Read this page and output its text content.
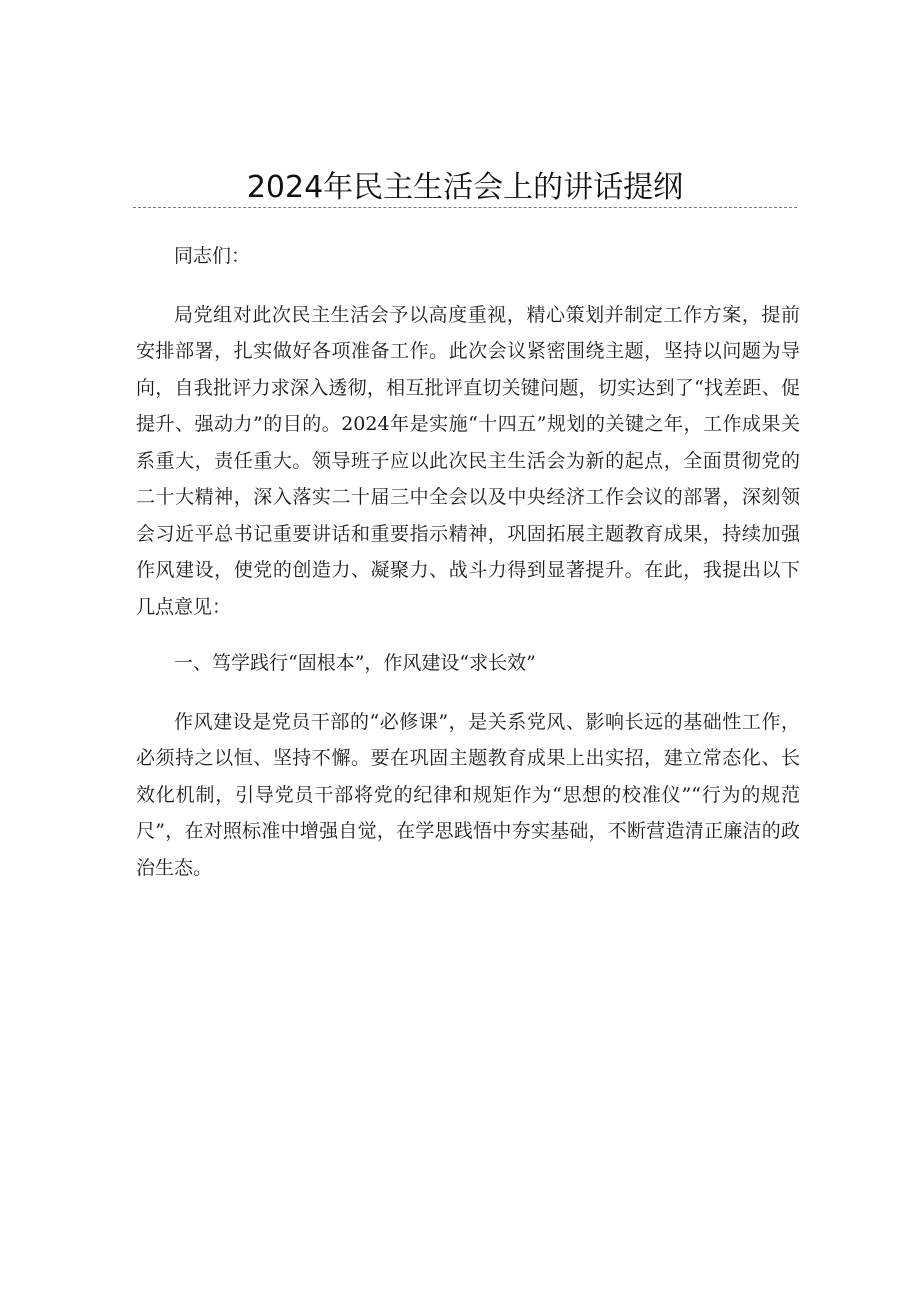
2024年民主生活会上的讲话提纲

同志们：

局党组对此次民主生活会予以高度重视，精心策划并制定工作方案，提前安排部署，扎实做好各项准备工作。此次会议紧密围绕主题，坚持以问题为导向，自我批评力求深入透彻，相互批评直切关键问题，切实达到了“找差距、促提升、强动力”的目的。2024年是实施“十四五”规划的关键之年，工作成果关系重大，责任重大。领导班子应以此次民主生活会为新的起点，全面贯彻党的二十大精神，深入落实二十届三中全会以及中央经济工作会议的部署，深刻领会习近平总书记重要讲话和重要指示精神，巩固拓展主题教育成果，持续加强作风建设，使党的创造力、凝聚力、战斗力得到显著提升。在此，我提出以下几点意见：

一、笃学践行“固根本”，作风建设“求长效”

作风建设是党员干部的“必修课”，是关系党风、影响长远的基础性工作，必须持之以恒、坚持不懈。要在巩固主题教育成果上出实招，建立常态化、长效化机制，引导党员干部将党的纪律和规矩作为“思想的校准仪”“行为的规范尺”，在对照标准中增强自觉，在学思践悟中夯实基础，不断营造清正廉洁的政治生态。
